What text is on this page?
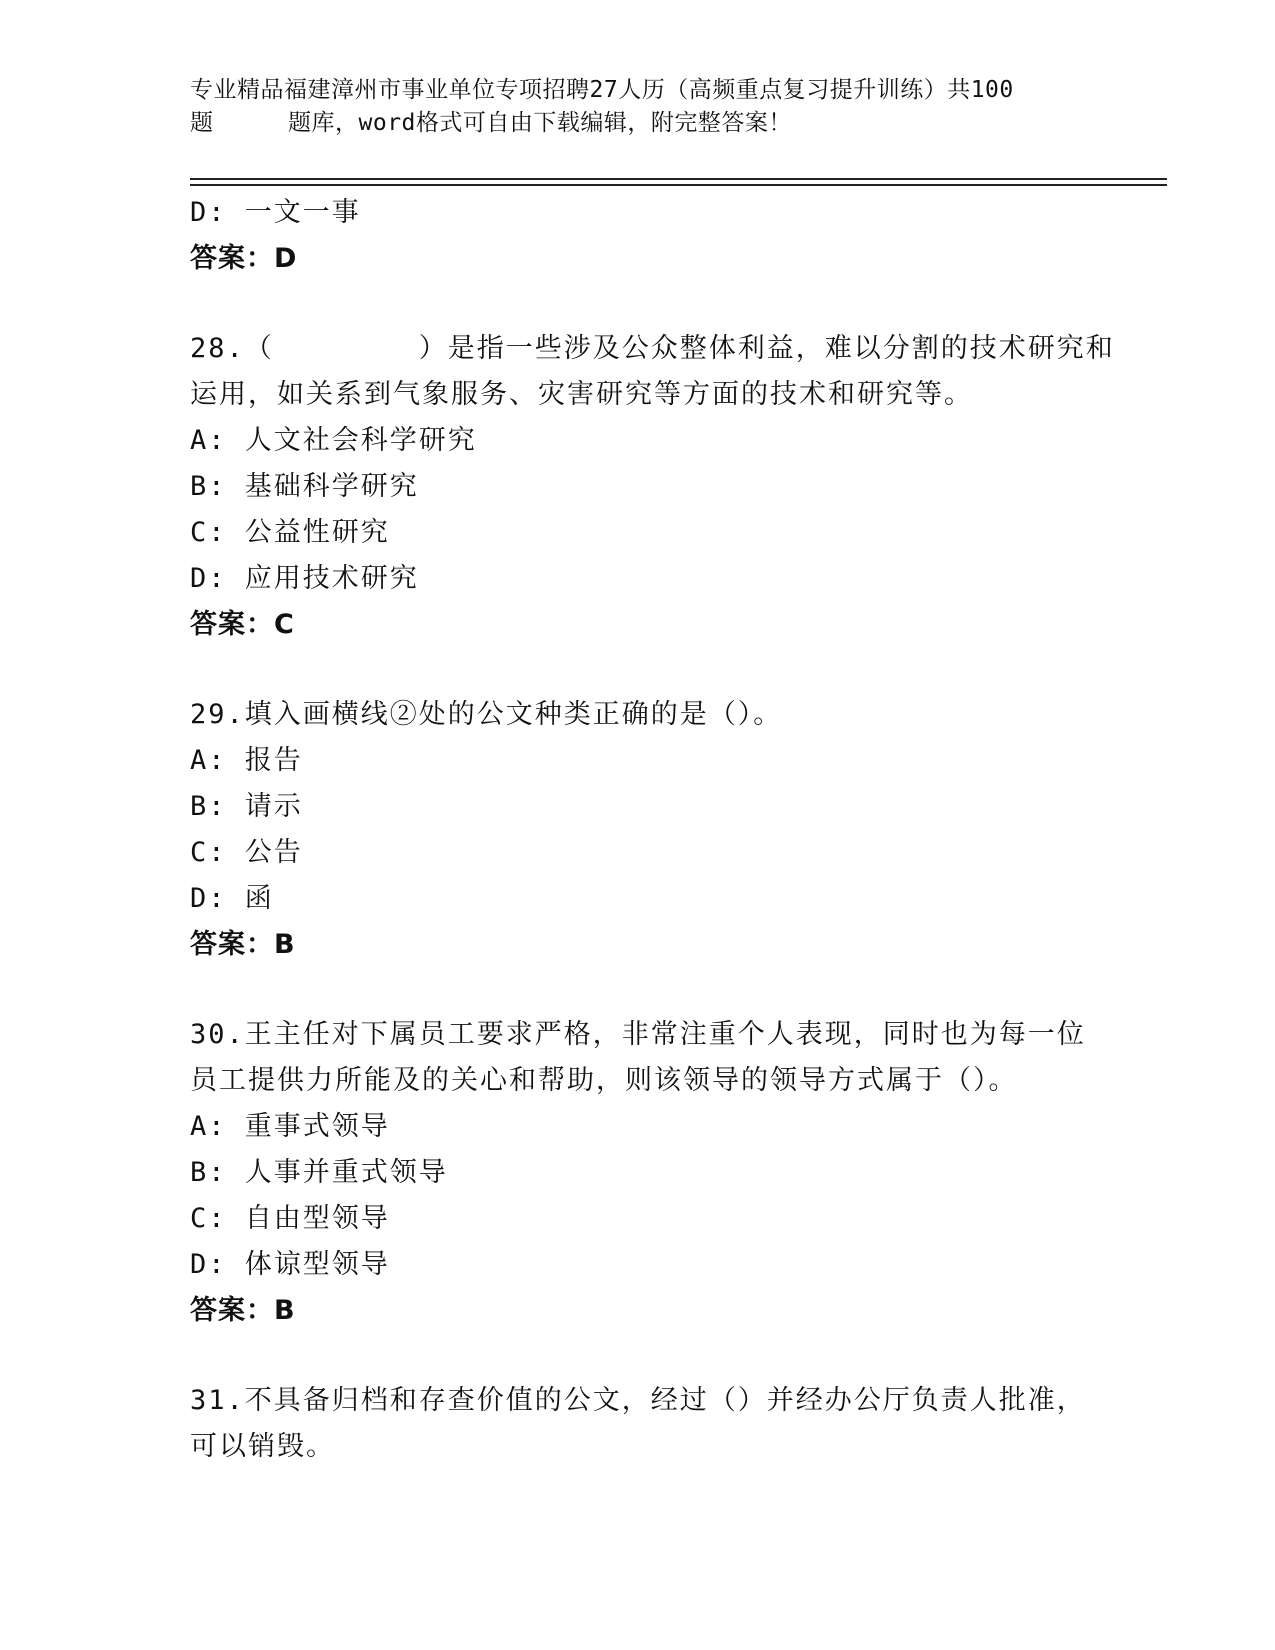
专业精品福建漳州市事业单位专项招聘27人历（高频重点复习提升训练）共100
题	题库，word格式可自由下载编辑，附完整答案！
D: 一文一事
答案：D
28.（　　　　　）是指一些涉及公众整体利益，难以分割的技术研究和
运用，如关系到气象服务、灾害研究等方面的技术和研究等。
A: 人文社会科学研究
B: 基础科学研究
C: 公益性研究
D: 应用技术研究
答案：C
29.填入画横线②处的公文种类正确的是（）。
A: 报告
B: 请示
C: 公告
D: 函
答案：B
30.王主任对下属员工要求严格，非常注重个人表现，同时也为每一位
员工提供力所能及的关心和帮助，则该领导的领导方式属于（）。
A: 重事式领导
B: 人事并重式领导
C: 自由型领导
D: 体谅型领导
答案：B
31.不具备归档和存查价值的公文，经过（）并经办公厅负责人批准，
可以销毁。
